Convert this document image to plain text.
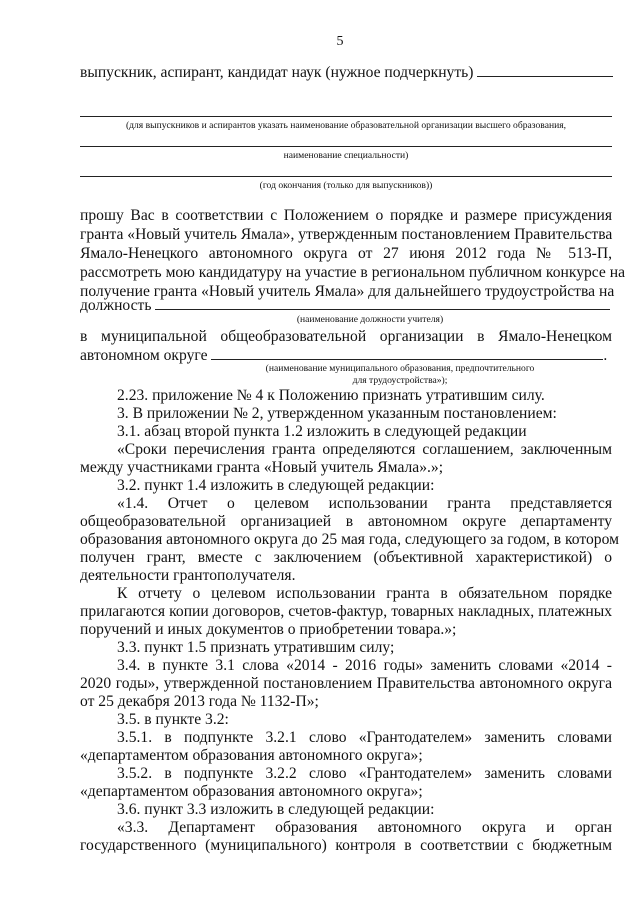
5
выпускник, аспирант, кандидат наук (нужное подчеркнуть)
(для выпускников и аспирантов указать наименование образовательной организации высшего образования,
наименование специальности)
(год окончания (только для выпускников))
прошу Вас в соответствии с Положением о порядке и размере присуждения
гранта «Новый учитель Ямала», утвержденным постановлением Правительства
Ямало-Ненецкого автономного округа от 27 июня 2012 года № 513-П,
рассмотреть мою кандидатуру на участие в региональном публичном конкурсе на
получение гранта «Новый учитель Ямала» для дальнейшего трудоустройства на
должность
(наименование должности учителя)
в муниципальной общеобразовательной организации в Ямало-Ненецком
автономном округе	.
(наименование муниципального образования, предпочтительного
для трудоустройства»);
2.23. приложение № 4 к Положению признать утратившим силу.
3. В приложении № 2, утвержденном указанным постановлением:
3.1. абзац второй пункта 1.2 изложить в следующей редакции
«Сроки перечисления гранта определяются соглашением, заключенным
между участниками гранта «Новый учитель Ямала».»;
3.2. пункт 1.4 изложить в следующей редакции:
«1.4. Отчет о целевом использовании гранта представляется
общеобразовательной организацией в автономном округе департаменту
образования автономного округа до 25 мая года, следующего за годом, в котором
получен грант, вместе с заключением (объективной характеристикой) о
деятельности грантополучателя.
К отчету о целевом использовании гранта в обязательном порядке
прилагаются копии договоров, счетов-фактур, товарных накладных, платежных
поручений и иных документов о приобретении товара.»;
3.3. пункт 1.5 признать утратившим силу;
3.4. в пункте 3.1 слова «2014 - 2016 годы» заменить словами «2014 -
2020 годы», утвержденной постановлением Правительства автономного округа
от 25 декабря 2013 года № 1132-П»;
3.5. в пункте 3.2:
3.5.1. в подпункте 3.2.1 слово «Грантодателем» заменить словами
«департаментом образования автономного округа»;
3.5.2. в подпункте 3.2.2 слово «Грантодателем» заменить словами
«департаментом образования автономного округа»;
3.6. пункт 3.3 изложить в следующей редакции:
«3.3. Департамент образования автономного округа и орган
государственного (муниципального) контроля в соответствии с бюджетным
